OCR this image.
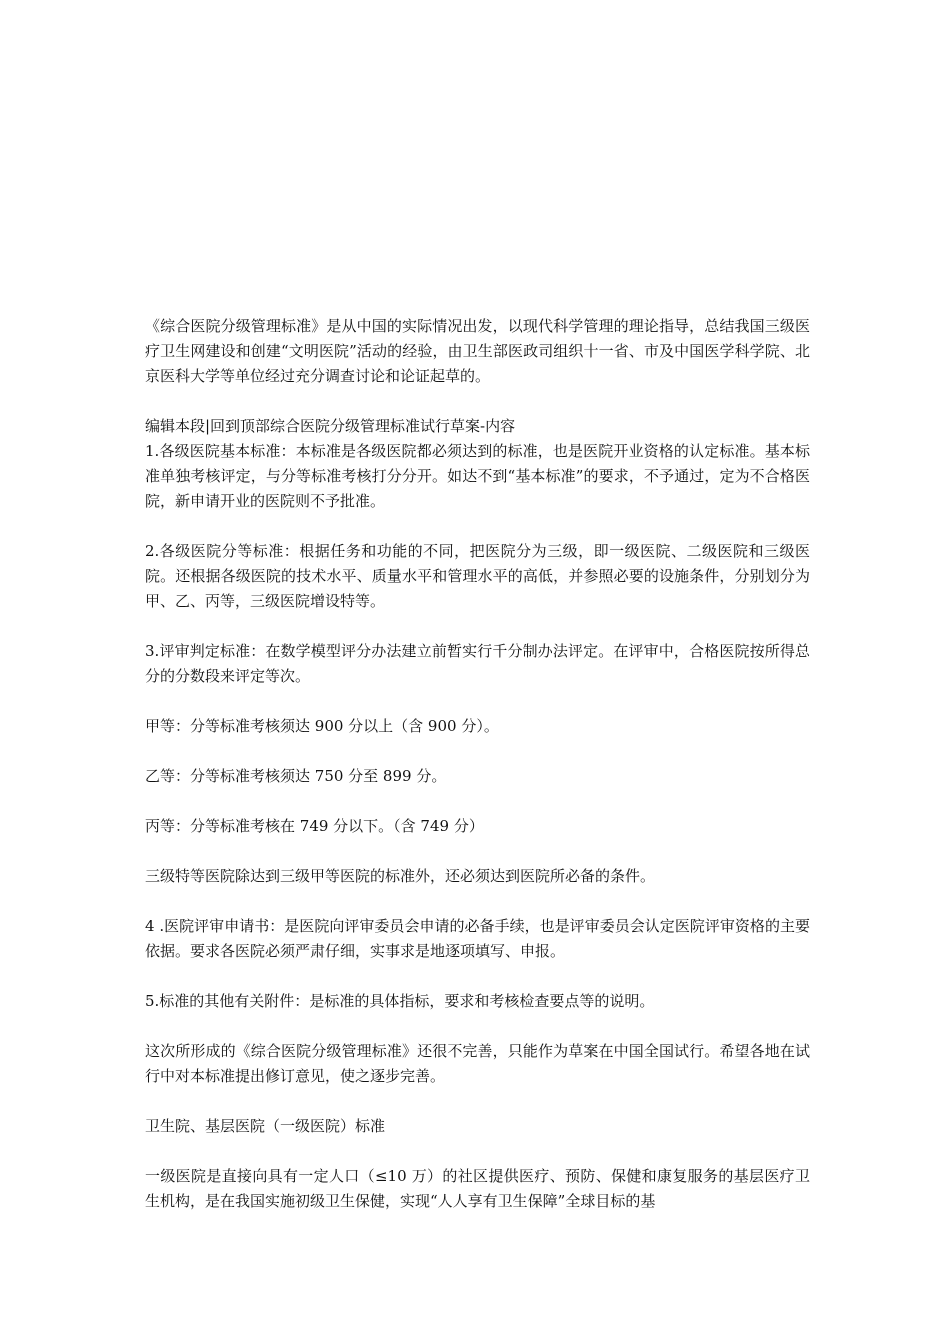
《综合医院分级管理标准》是从中国的实际情况出发，以现代科学管理的理论指导，总结我国三级医疗卫生网建设和创建“文明医院”活动的经验，由卫生部医政司组织十一省、市及中国医学科学院、北京医科大学等单位经过充分调查讨论和论证起草的。

编辑本段|回到顶部综合医院分级管理标准试行草案-内容

1.各级医院基本标准：本标准是各级医院都必须达到的标准，也是医院开业资格的认定标准。基本标准单独考核评定，与分等标准考核打分分开。如达不到“基本标准”的要求，不予通过，定为不合格医院，新申请开业的医院则不予批准。

2.各级医院分等标准：根据任务和功能的不同，把医院分为三级，即一级医院、二级医院和三级医院。还根据各级医院的技术水平、质量水平和管理水平的高低，并参照必要的设施条件，分别划分为甲、乙、丙等，三级医院增设特等。

3.评审判定标准：在数学模型评分办法建立前暂实行千分制办法评定。在评审中，合格医院按所得总分的分数段来评定等次。

甲等：分等标准考核须达 900 分以上（含 900 分）。

乙等：分等标准考核须达 750 分至 899 分。

丙等：分等标准考核在 749 分以下。（含 749 分）

三级特等医院除达到三级甲等医院的标准外，还必须达到医院所必备的条件。

4 .医院评审申请书：是医院向评审委员会申请的必备手续，也是评审委员会认定医院评审资格的主要依据。要求各医院必须严肃仔细，实事求是地逐项填写、申报。

5.标准的其他有关附件：是标准的具体指标，要求和考核检查要点等的说明。

这次所形成的《综合医院分级管理标准》还很不完善，只能作为草案在中国全国试行。希望各地在试行中对本标准提出修订意见，使之逐步完善。

卫生院、基层医院（一级医院）标准

一级医院是直接向具有一定人口（≤10 万）的社区提供医疗、预防、保健和康复服务的基层医疗卫生机构，是在我国实施初级卫生保健，实现“人人享有卫生保障”全球目标的基
